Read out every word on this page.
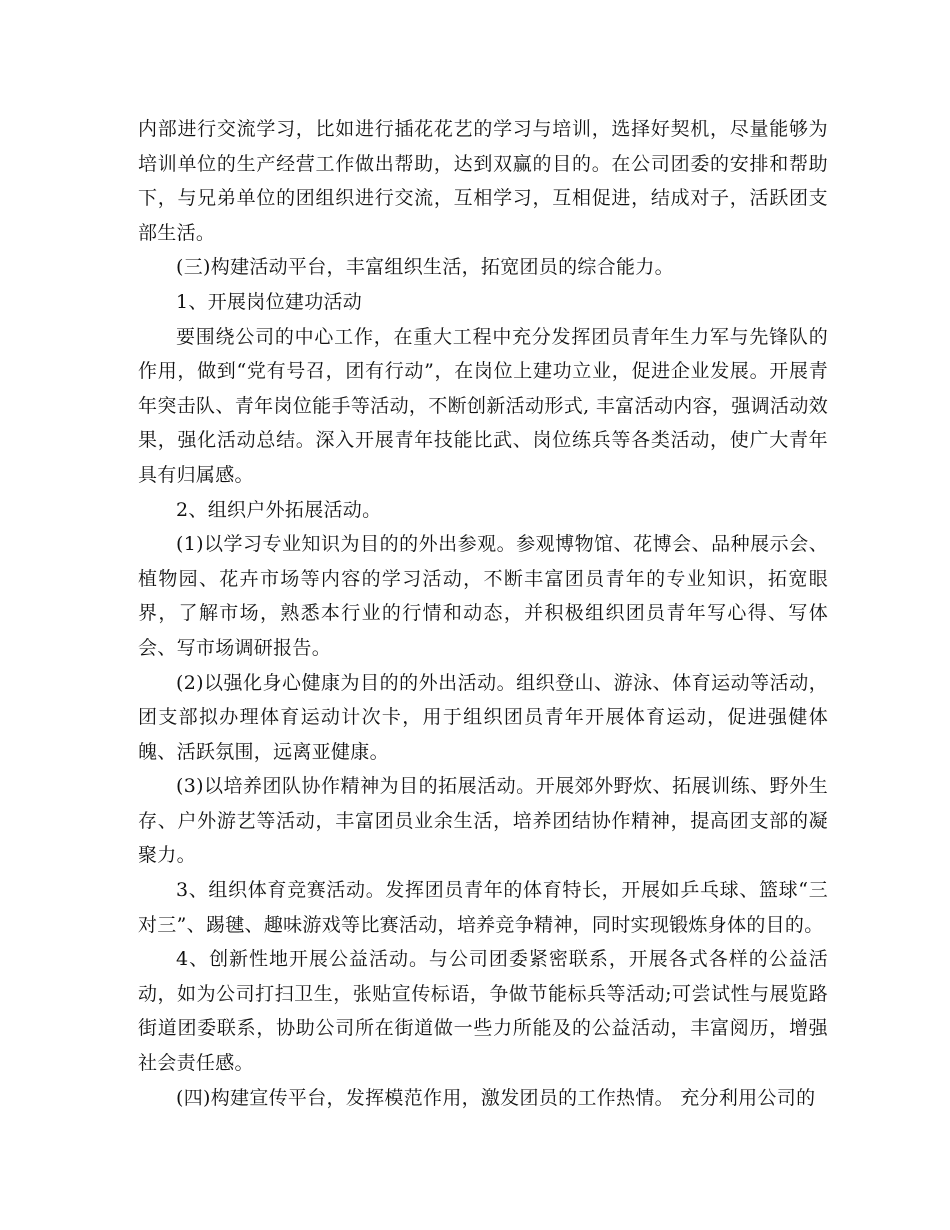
内部进行交流学习，比如进行插花花艺的学习与培训，选择好契机，尽量能够为培训单位的生产经营工作做出帮助，达到双赢的目的。在公司团委的安排和帮助下，与兄弟单位的团组织进行交流，互相学习，互相促进，结成对子，活跃团支部生活。

(三)构建活动平台，丰富组织生活，拓宽团员的综合能力。

1、开展岗位建功活动

要围绕公司的中心工作，在重大工程中充分发挥团员青年生力军与先锋队的作用，做到“党有号召，团有行动”，在岗位上建功立业，促进企业发展。开展青年突击队、青年岗位能手等活动，不断创新活动形式, 丰富活动内容，强调活动效果，强化活动总结。深入开展青年技能比武、岗位练兵等各类活动，使广大青年具有归属感。

2、组织户外拓展活动。

(1)以学习专业知识为目的的外出参观。参观博物馆、花博会、品种展示会、植物园、花卉市场等内容的学习活动，不断丰富团员青年的专业知识，拓宽眼界，了解市场，熟悉本行业的行情和动态，并积极组织团员青年写心得、写体会、写市场调研报告。

(2)以强化身心健康为目的的外出活动。组织登山、游泳、体育运动等活动，团支部拟办理体育运动计次卡，用于组织团员青年开展体育运动，促进强健体魄、活跃氛围，远离亚健康。

(3)以培养团队协作精神为目的拓展活动。开展郊外野炊、拓展训练、野外生存、户外游艺等活动，丰富团员业余生活，培养团结协作精神，提高团支部的凝聚力。

3、组织体育竞赛活动。发挥团员青年的体育特长，开展如乒乓球、篮球“三对三”、踢毽、趣味游戏等比赛活动，培养竞争精神，同时实现锻炼身体的目的。

4、创新性地开展公益活动。与公司团委紧密联系，开展各式各样的公益活动，如为公司打扫卫生，张贴宣传标语，争做节能标兵等活动;可尝试性与展览路街道团委联系，协助公司所在街道做一些力所能及的公益活动，丰富阅历，增强社会责任感。

(四)构建宣传平台，发挥模范作用，激发团员的工作热情。 充分利用公司的
